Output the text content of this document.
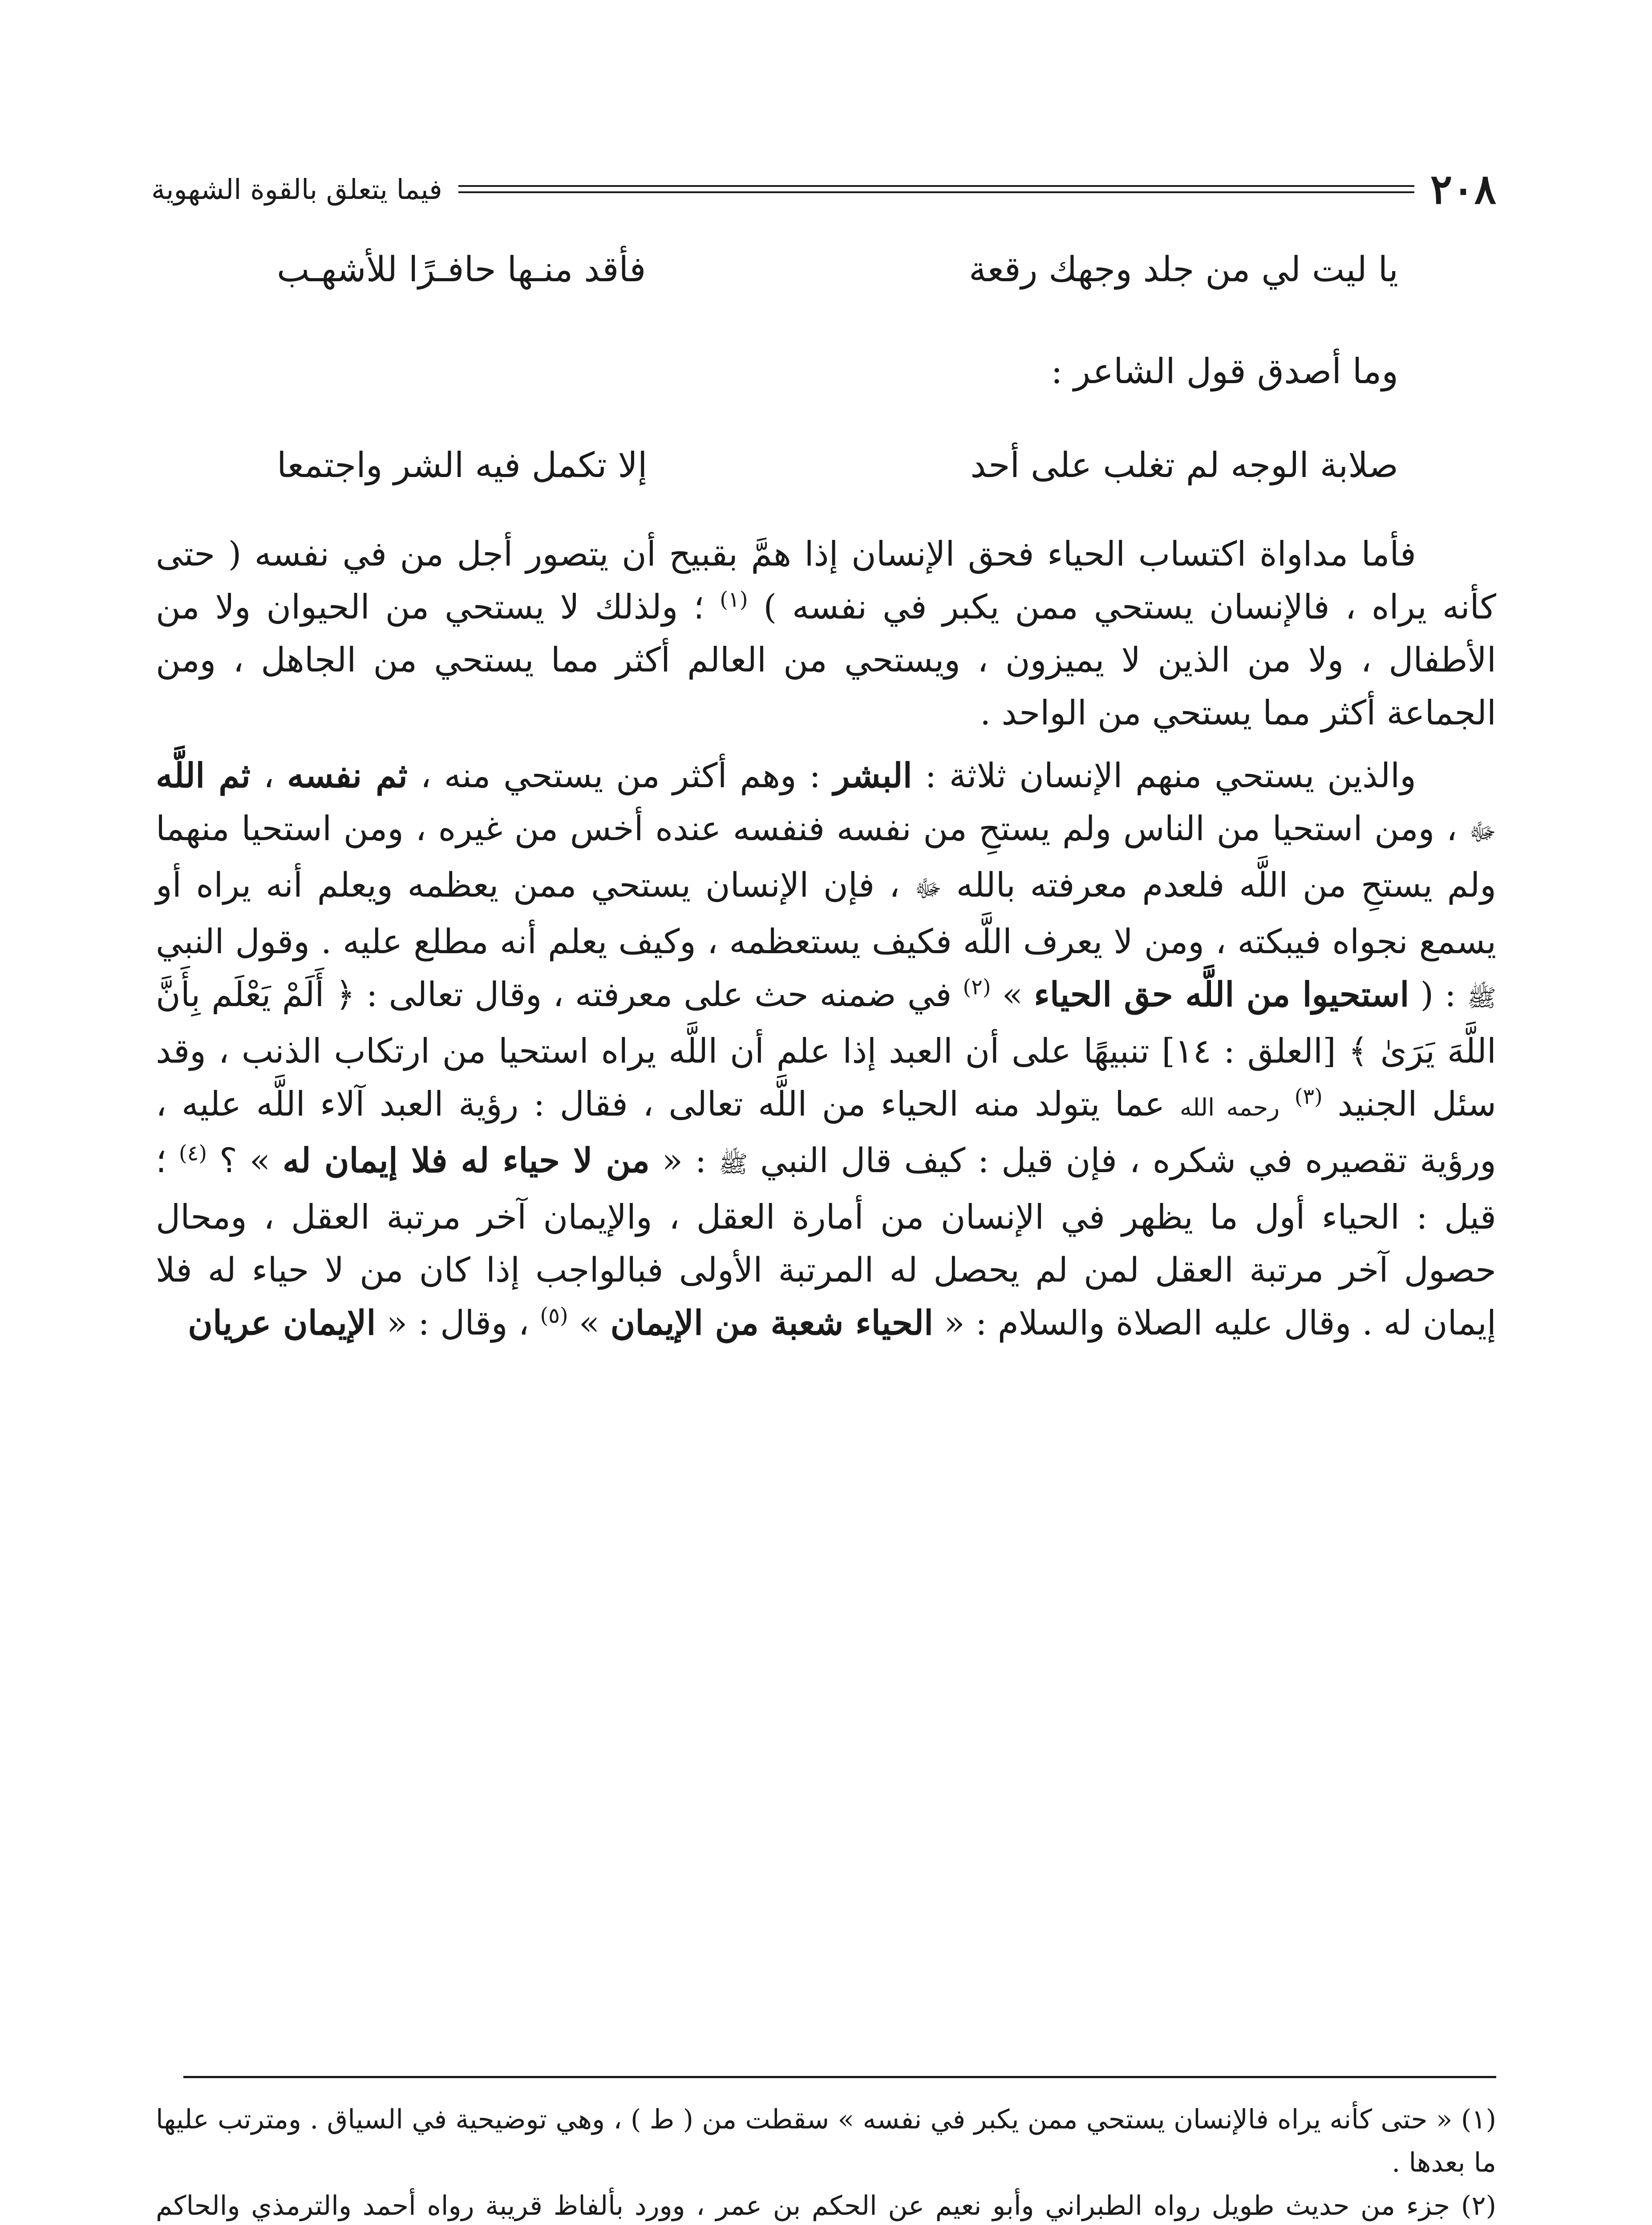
٢٠٨
فيما يتعلق بالقوة الشهوية
يا ليت لي من جلد وجهك رقعة
فأقد منـها حافـرًا للأشهـب
وما أصدق قول الشاعر :
صلابة الوجه لم تغلب على أحد
إلا تكمل فيه الشر واجتمعا

فأما مداواة اكتساب الحياء فحق الإنسان إذا همَّ بقبيح أن يتصور أجل من في نفسه ( حتى كأنه يراه ، فالإنسان يستحي ممن يكبر في نفسه ) $^{(١)}$ ؛ ولذلك لا يستحي من الحيوان ولا من الأطفال ، ولا من الذين لا يميزون ، ويستحي من العالم أكثر مما يستحي من الجاهل ، ومن الجماعة أكثر مما يستحي من الواحد .

والذين يستحي منهم الإنسان ثلاثة : البشر : وهم أكثر من يستحي منه ، ثم نفسه ، ثم اللَّه ﷻ ، ومن استحيا من الناس ولم يستحِ من نفسه فنفسه عنده أخس من غيره ، ومن استحيا منهما ولم يستحِ من اللَّه فلعدم معرفته بالله ﷻ ، فإن الإنسان يستحي ممن يعظمه ويعلم أنه يراه أو يسمع نجواه فيبكته ، ومن لا يعرف اللَّه فكيف يستعظمه ، وكيف يعلم أنه مطلع عليه . وقول النبي ﷺ : ( استحيوا من اللَّه حق الحياء » $^{(٢)}$ في ضمنه حث على معرفته ، وقال تعالى : ﴿ أَلَمْ يَعْلَم بِأَنَّ اللَّهَ يَرَىٰ ﴾ [العلق : ١٤] تنبيهًا على أن العبد إذا علم أن اللَّه يراه استحيا من ارتكاب الذنب ، وقد سئل الجنيد $^{(٣)}$ رحمه الله عما يتولد منه الحياء من اللَّه تعالى ، فقال : رؤية العبد آلاء اللَّه عليه ، ورؤية تقصيره في شكره ، فإن قيل : كيف قال النبي ﷺ : « من لا حياء له فلا إيمان له » ؟ $^{(٤)}$ ؛ قيل : الحياء أول ما يظهر في الإنسان من أمارة العقل ، والإيمان آخر مرتبة العقل ، ومحال حصول آخر مرتبة العقل لمن لم يحصل له المرتبة الأولى فبالواجب إذا كان من لا حياء له فلا إيمان له . وقال عليه الصلاة والسلام : « الحياء شعبة من الإيمان » $^{(٥)}$ ، وقال : « الإيمان عريان

(١) « حتى كأنه يراه فالإنسان يستحي ممن يكبر في نفسه » سقطت من ( ط ) ، وهي توضيحية في السياق . ومترتب عليها ما بعدها .

(٢) جزء من حديث طويل رواه الطبراني وأبو نعيم عن الحكم بن عمر ، وورد بألفاظ قريبة رواه أحمد والترمذي والحاكم
